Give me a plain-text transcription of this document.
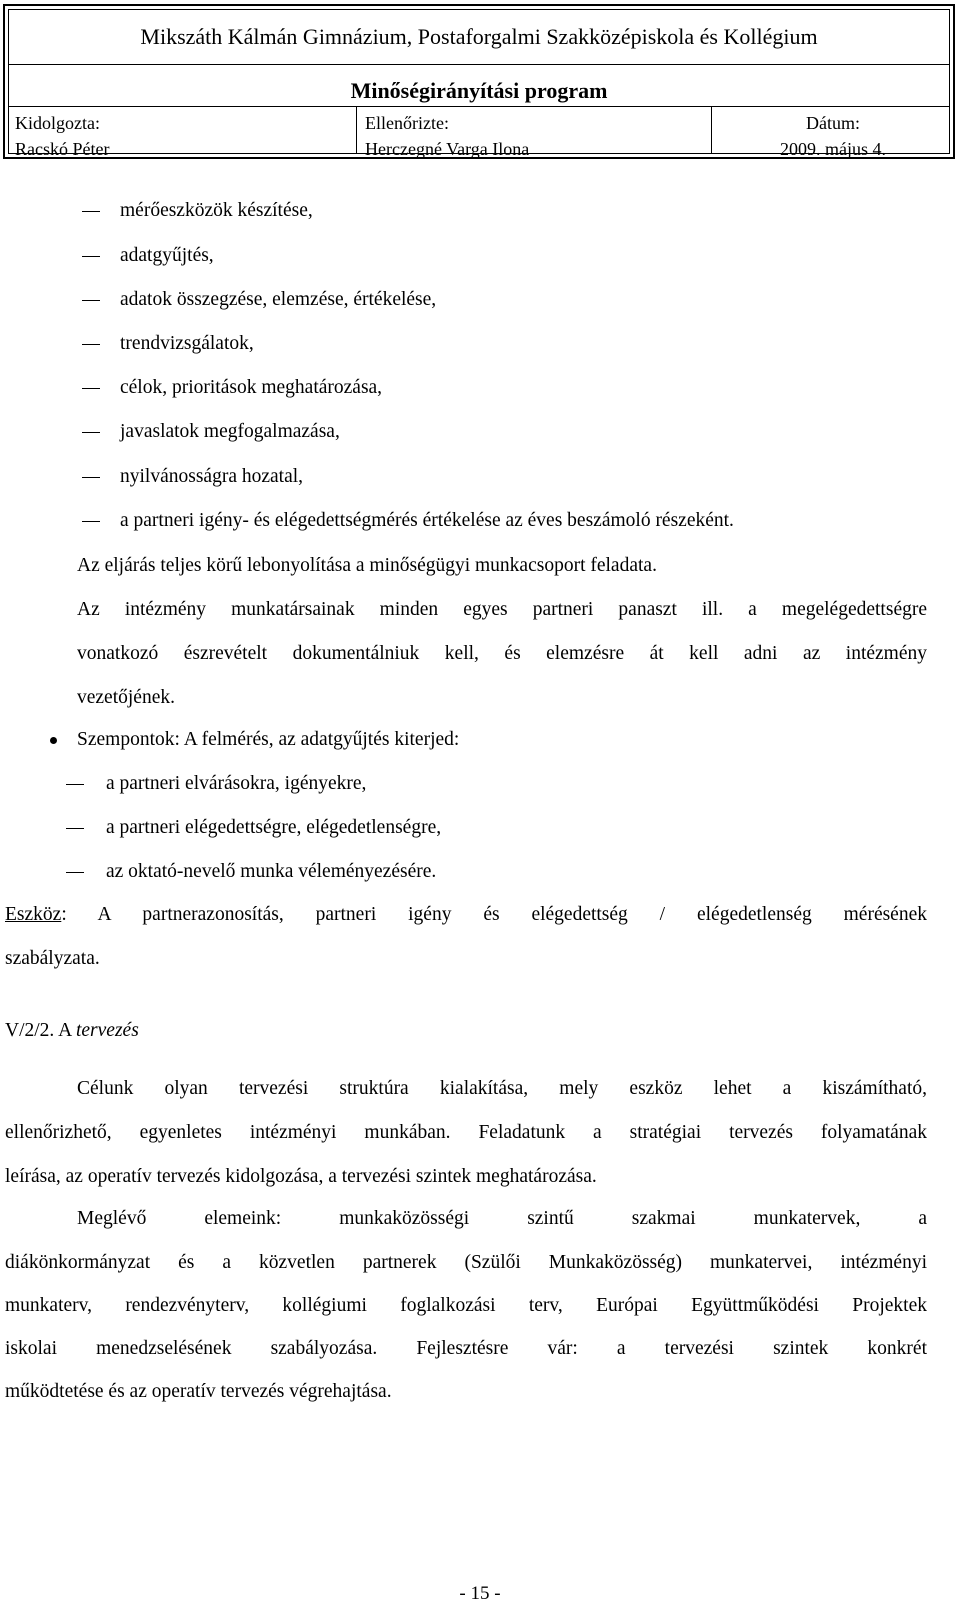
Mikszáth Kálmán Gimnázium, Postaforgalmi Szakközépiskola és Kollégium
Minőségirányítási program
Kidolgozta:
Racskó Péter
Ellenőrizte:
Herczegné Varga Ilona
Dátum:
2009. május 4.
mérőeszközök készítése,
adatgyűjtés,
adatok összegzése, elemzése, értékelése,
trendvizsgálatok,
célok, prioritások meghatározása,
javaslatok megfogalmazása,
nyilvánosságra hozatal,
a partneri igény- és elégedettségmérés értékelése az éves beszámoló részeként.
Az eljárás teljes körű lebonyolítása a minőségügyi munkacsoport feladata.
Az intézmény munkatársainak minden egyes partneri panaszt ill. a megelégedettségre
vonatkozó észrevételt dokumentálniuk kell, és elemzésre át kell adni az intézmény
vezetőjének.
Szempontok: A felmérés, az adatgyűjtés kiterjed:
a partneri elvárásokra, igényekre,
a partneri elégedettségre, elégedetlenségre,
az oktató-nevelő munka véleményezésére.
Eszköz: A partnerazonosítás, partneri igény és elégedettség / elégedetlenség mérésének
szabályzata.
V/2/2. A tervezés
Célunk olyan tervezési struktúra kialakítása, mely eszköz lehet a kiszámítható,
ellenőrizhető, egyenletes intézményi munkában. Feladatunk a stratégiai tervezés folyamatának
leírása, az operatív tervezés kidolgozása, a tervezési szintek meghatározása.
Meglévő elemeink: munkaközösségi szintű szakmai munkatervek, a
diákönkormányzat és a közvetlen partnerek (Szülői Munkaközösség) munkatervei, intézményi
munkaterv, rendezvényterv, kollégiumi foglalkozási terv, Európai Együttműködési Projektek
iskolai menedzselésének szabályozása. Fejlesztésre vár: a tervezési szintek konkrét
működtetése és az operatív tervezés végrehajtása.
- 15 -
